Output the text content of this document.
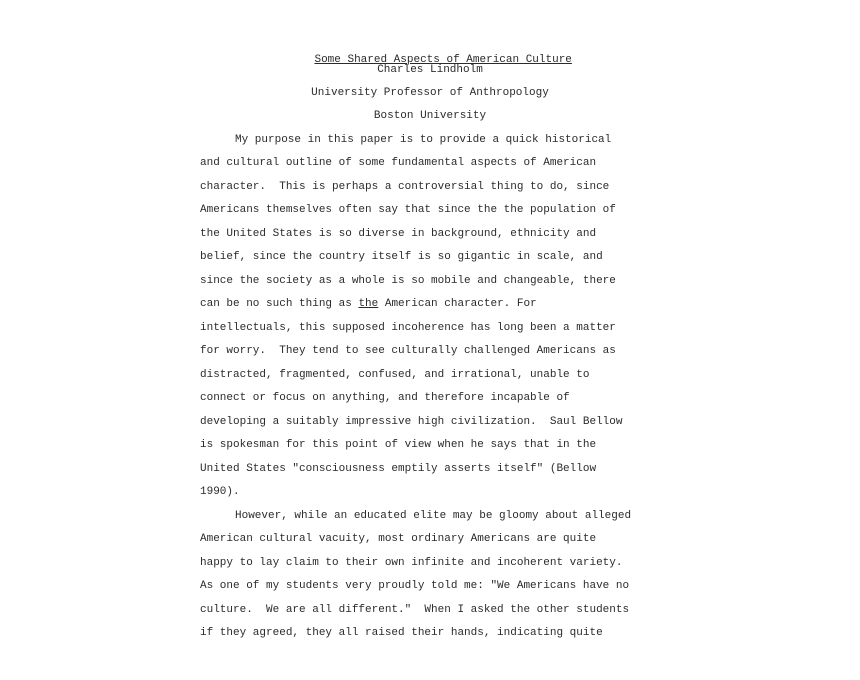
Some Shared Aspects of American Culture

Charles Lindholm
University Professor of Anthropology
Boston University
My purpose in this paper is to provide a quick historical
and cultural outline of some fundamental aspects of American
character.  This is perhaps a controversial thing to do, since
Americans themselves often say that since the the population of
the United States is so diverse in background, ethnicity and
belief, since the country itself is so gigantic in scale, and
since the society as a whole is so mobile and changeable, there
can be no such thing as the American character. For
intellectuals, this supposed incoherence has long been a matter
for worry.  They tend to see culturally challenged Americans as
distracted, fragmented, confused, and irrational, unable to
connect or focus on anything, and therefore incapable of
developing a suitably impressive high civilization.  Saul Bellow
is spokesman for this point of view when he says that in the
United States "consciousness emptily asserts itself" (Bellow
1990).
However, while an educated elite may be gloomy about alleged
American cultural vacuity, most ordinary Americans are quite
happy to lay claim to their own infinite and incoherent variety.
As one of my students very proudly told me: "We Americans have no
culture.  We are all different."  When I asked the other students
if they agreed, they all raised their hands, indicating quite
